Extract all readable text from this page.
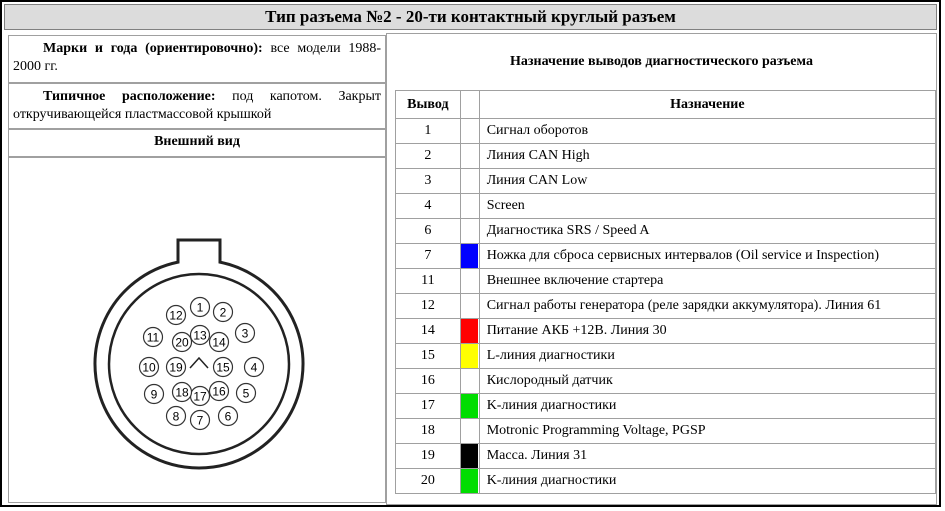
Тип разъема №2 - 20-ти контактный круглый разъем
Марки и года (ориентировочно): все модели 1988-2000 гг.
Типичное расположение: под капотом. Закрыт откручивающейся пластмассовой крышкой
Внешний вид
1 2
3
4
5
6
7
8
9
10
11
12
13 14
15
16
17
18
19
20
Назначение выводов диагностического разъема
Вывод		Назначение
1		Сигнал оборотов
2		Линия CAN High
3		Линия CAN Low
4		Screen
6		Диагностика SRS / Speed A
7		Ножка для сброса сервисных интервалов (Oil service и Inspection)
11		Внешнее включение стартера
12		Сигнал работы генератора (реле зарядки аккумулятора). Линия 61
14		Питание АКБ +12В. Линия 30
15		L-линия диагностики
16		Кислородный датчик
17		K-линия диагностики
18		Motronic Programming Voltage, PGSP
19		Масса. Линия 31
20		K-линия диагностики
